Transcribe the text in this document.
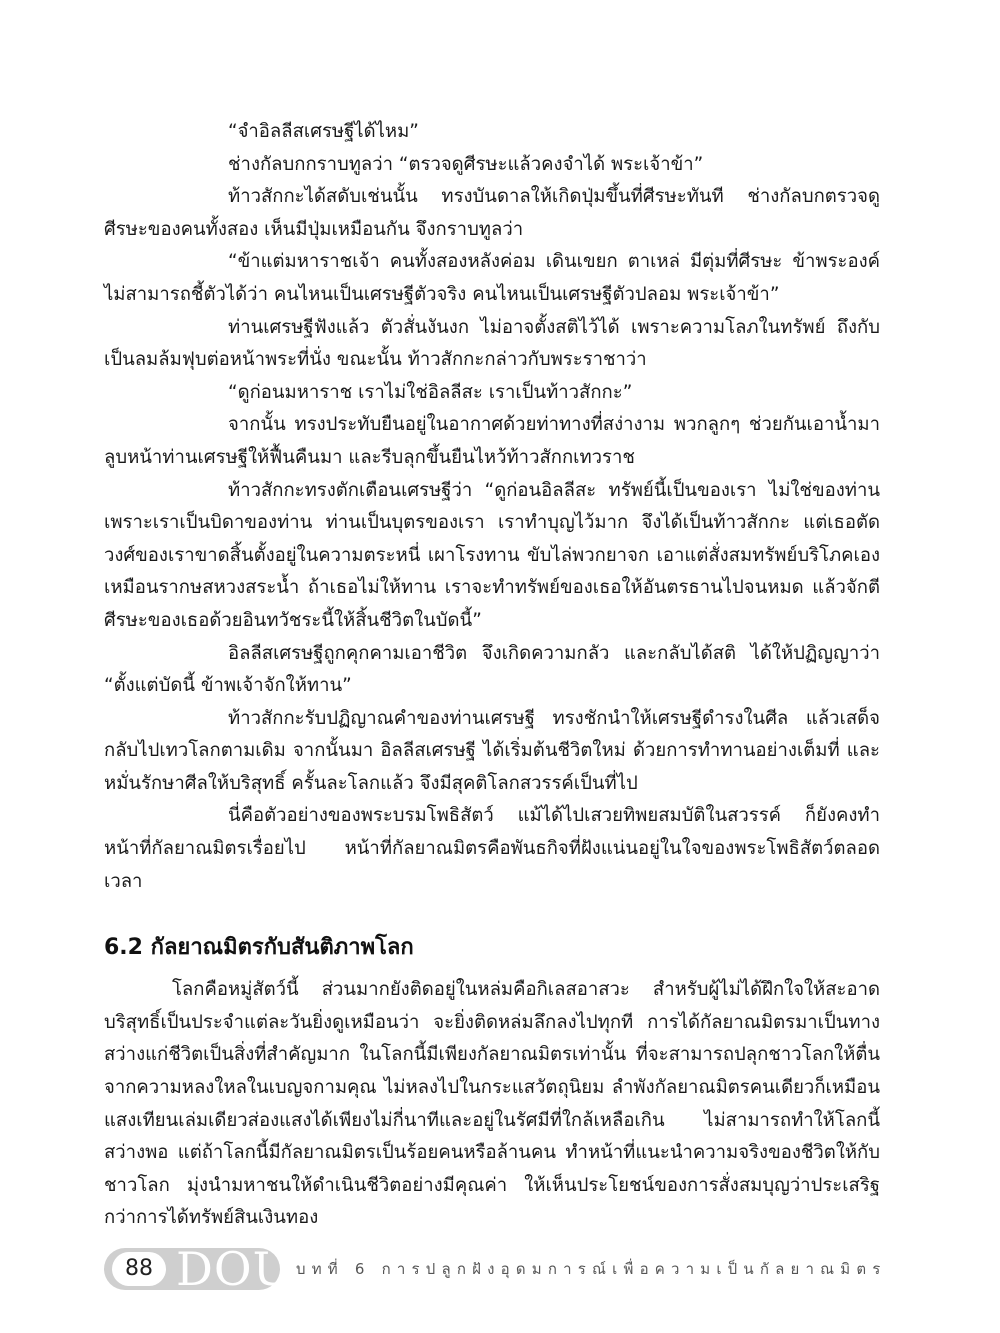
“จำอิลลีสเศรษฐีได้ไหม”

ช่างกัลบกกราบทูลว่า “ตรวจดูศีรษะแล้วคงจำได้ พระเจ้าข้า”

ท้าวสักกะได้สดับเช่นนั้น ทรงบันดาลให้เกิดปุ่มขึ้นที่ศีรษะทันที ช่างกัลบกตรวจดูศีรษะของคนทั้งสอง เห็นมีปุ่มเหมือนกัน จึงกราบทูลว่า

“ข้าแต่มหาราชเจ้า คนทั้งสองหลังค่อม เดินเขยก ตาเหล่ มีตุ่มที่ศีรษะ ข้าพระองค์ไม่สามารถชี้ตัวได้ว่า คนไหนเป็นเศรษฐีตัวจริง คนไหนเป็นเศรษฐีตัวปลอม พระเจ้าข้า”

ท่านเศรษฐีฟังแล้ว ตัวสั่นงันงก ไม่อาจตั้งสติไว้ได้ เพราะความโลภในทรัพย์ ถึงกับเป็นลมล้มฟุบต่อหน้าพระที่นั่ง ขณะนั้น ท้าวสักกะกล่าวกับพระราชาว่า

“ดูก่อนมหาราช เราไม่ใช่อิลลีสะ เราเป็นท้าวสักกะ”

จากนั้น ทรงประทับยืนอยู่ในอากาศด้วยท่าทางที่สง่างาม พวกลูกๆ ช่วยกันเอาน้ำมาลูบหน้าท่านเศรษฐีให้ฟื้นคืนมา และรีบลุกขึ้นยืนไหว้ท้าวสักกเทวราช

ท้าวสักกะทรงตักเตือนเศรษฐีว่า “ดูก่อนอิลลีสะ ทรัพย์นี้เป็นของเรา ไม่ใช่ของท่าน เพราะเราเป็นบิดาของท่าน ท่านเป็นบุตรของเรา เราทำบุญไว้มาก จึงได้เป็นท้าวสักกะ แต่เธอตัดวงศ์ของเราขาดสิ้นตั้งอยู่ในความตระหนี่ เผาโรงทาน ขับไล่พวกยาจก เอาแต่สั่งสมทรัพย์บริโภคเอง เหมือนรากษสหวงสระน้ำ ถ้าเธอไม่ให้ทาน เราจะทำทรัพย์ของเธอให้อันตรธานไปจนหมด แล้วจักตีศีรษะของเธอด้วยอินทวัชระนี้ให้สิ้นชีวิตในบัดนี้”

อิลลีสเศรษฐีถูกคุกคามเอาชีวิต จึงเกิดความกลัว และกลับได้สติ ได้ให้ปฏิญญาว่า “ตั้งแต่บัดนี้ ข้าพเจ้าจักให้ทาน”

ท้าวสักกะรับปฏิญาณคำของท่านเศรษฐี ทรงชักนำให้เศรษฐีดำรงในศีล แล้วเสด็จกลับไปเทวโลกตามเดิม จากนั้นมา อิลลีสเศรษฐี ได้เริ่มต้นชีวิตใหม่ ด้วยการทำทานอย่างเต็มที่ และหมั่นรักษาศีลให้บริสุทธิ์ ครั้นละโลกแล้ว จึงมีสุคติโลกสวรรค์เป็นที่ไป

นี่คือตัวอย่างของพระบรมโพธิสัตว์ แม้ได้ไปเสวยทิพยสมบัติในสวรรค์ ก็ยังคงทำหน้าที่กัลยาณมิตรเรื่อยไป หน้าที่กัลยาณมิตรคือพันธกิจที่ฝังแน่นอยู่ในใจของพระโพธิสัตว์ตลอดเวลา

6.2 กัลยาณมิตรกับสันติภาพโลก

โลกคือหมู่สัตว์นี้ ส่วนมากยังติดอยู่ในหล่มคือกิเลสอาสวะ สำหรับผู้ไม่ได้ฝึกใจให้สะอาดบริสุทธิ์เป็นประจำแต่ละวันยิ่งดูเหมือนว่า จะยิ่งติดหล่มลึกลงไปทุกที การได้กัลยาณมิตรมาเป็นทางสว่างแก่ชีวิตเป็นสิ่งที่สำคัญมาก ในโลกนี้มีเพียงกัลยาณมิตรเท่านั้น ที่จะสามารถปลุกชาวโลกให้ตื่นจากความหลงใหลในเบญจกามคุณ ไม่หลงไปในกระแสวัตถุนิยม ลำพังกัลยาณมิตรคนเดียวก็เหมือนแสงเทียนเล่มเดียวส่องแสงได้เพียงไม่กี่นาทีและอยู่ในรัศมีที่ใกล้เหลือเกิน ไม่สามารถทำให้โลกนี้สว่างพอ แต่ถ้าโลกนี้มีกัลยาณมิตรเป็นร้อยคนหรือล้านคน ทำหน้าที่แนะนำความจริงของชีวิตให้กับชาวโลก มุ่งนำมหาชนให้ดำเนินชีวิตอย่างมีคุณค่า ให้เห็นประโยชน์ของการสั่งสมบุญว่าประเสริฐกว่าการได้ทรัพย์สินเงินทอง

88 DOU บทที่ 6 การปลูกฝังอุดมการณ์เพื่อความเป็นกัลยาณมิตร
